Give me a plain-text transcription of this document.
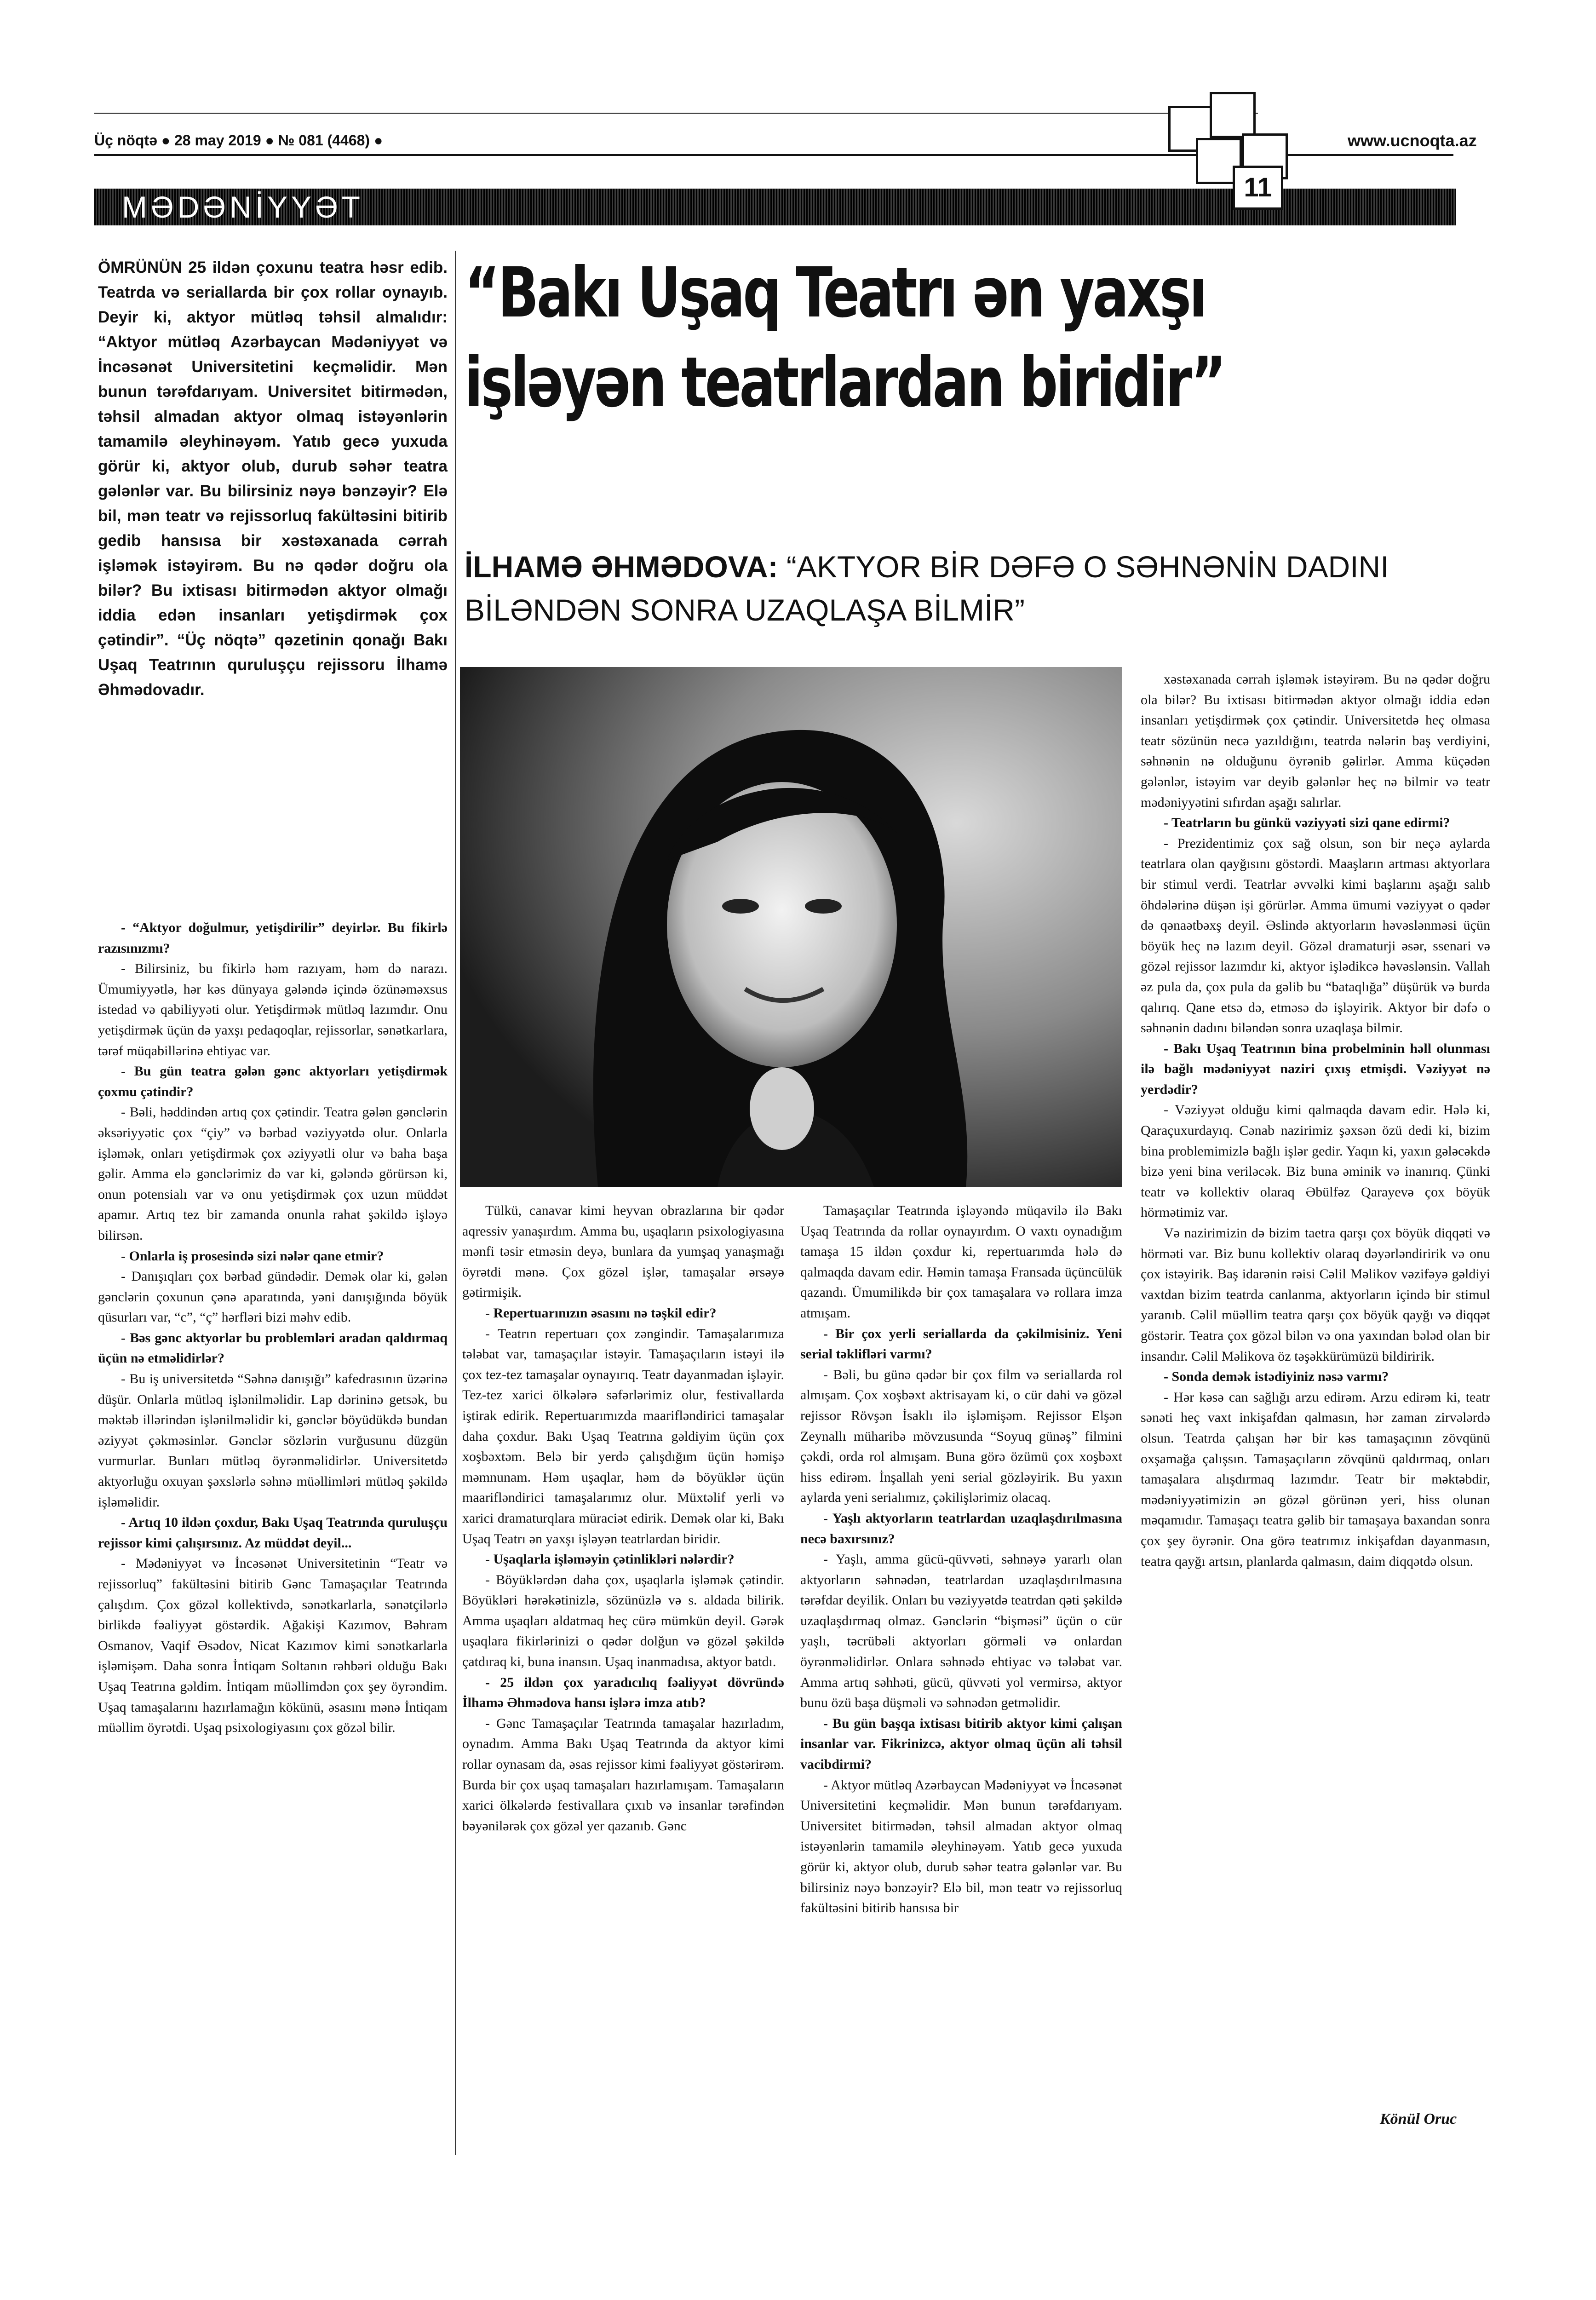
Üç nöqtə ● 28 may 2019 ● № 081 (4468) ●	www.ucnoqta.az
MƏDƏNİYYƏT
11
ÖMRÜNÜN 25 ildən çoxunu teatra həsr edib. Teatrda və seriallarda bir çox rollar oynayıb. Deyir ki, aktyor mütləq təhsil almalıdır: “Aktyor mütləq Azərbaycan Mədəniyyət və İncəsənət Universitetini keçməlidir. Mən bunun tərəfdarıyam. Universitet bitirmədən, təhsil almadan aktyor olmaq istəyənlərin tamamilə əleyhinəyəm. Yatıb gecə yuxuda görür ki, aktyor olub, durub səhər teatra gələnlər var. Bu bilirsiniz nəyə bənzəyir? Elə bil, mən teatr və rejissorluq fakültəsini bitirib gedib hansısa bir xəstəxanada cərrah işləmək istəyirəm. Bu nə qədər doğru ola bilər? Bu ixtisası bitirmədən aktyor olmağı iddia edən insanları yetişdirmək çox çətindir”. “Üç nöqtə” qəzetinin qonağı Bakı Uşaq Teatrının quruluşçu rejissoru İlhamə Əhmədovadır.
“Bakı Uşaq Teatrı ən yaxşı
işləyən teatrlardan biridir”
İLHAMƏ ƏHMƏDOVA: “AKTYOR BİR DƏFƏ O SƏHNƏNİN DADINI BİLƏNDƏN SONRA UZAQLAŞA BİLMİR”

- “Aktyor doğulmur, yetişdirilir” deyirlər. Bu fikirlə razısınızmı?

- Bilirsiniz, bu fikirlə həm razıyam, həm də narazı. Ümumiyyətlə, hər kəs dünyaya gələndə içində özünəməxsus istedad və qabiliyyəti olur. Yetişdirmək mütləq lazımdır. Onu yetişdirmək üçün də yaxşı pedaqoqlar, rejissorlar, sənətkarlara, tərəf müqabillərinə ehtiyac var.

- Bu gün teatra gələn gənc aktyorları yetişdirmək çoxmu çətindir?

- Bəli, həddindən artıq çox çətindir. Teatra gələn gənclərin əksəriyyətic çox “çiy” və bərbad vəziyyətdə olur. Onlarla işləmək, onları yetişdirmək çox əziyyətli olur və baha başa gəlir. Amma elə gənclərimiz də var ki, gələndə görürsən ki, onun potensialı var və onu yetişdirmək çox uzun müddət apamır. Artıq tez bir zamanda onunla rahat şəkildə işləyə bilirsən.

- Onlarla iş prosesində sizi nələr qane etmir?

- Danışıqları çox bərbad gündədir. Demək olar ki, gələn gənclərin çoxunun çənə aparatında, yəni danışığında böyük qüsurları var, “c”, “ç” hərfləri bizi məhv edib.

- Bəs gənc aktyorlar bu problemləri aradan qaldırmaq üçün nə etməlidirlər?

- Bu iş universitetdə “Səhnə danışığı” kafedrasının üzərinə düşür. Onlarla mütləq işlənilməlidir. Lap dərininə getsək, bu məktəb illərindən işlənilməlidir ki, gənclər böyüdükdə bundan əziyyət çəkməsinlər. Gənclər sözlərin vurğusunu düzgün vurmurlar. Bunları mütləq öyrənməlidirlər. Universitetdə aktyorluğu oxuyan şəxslərlə səhnə müəllimləri mütləq şəkildə işləməlidir.

- Artıq 10 ildən çoxdur, Bakı Uşaq Teatrında quruluşçu rejissor kimi çalışırsınız. Az müddət deyil...

- Mədəniyyət və İncəsənət Universitetinin “Teatr və rejissorluq” fakültəsini bitirib Gənc Tamaşaçılar Teatrında çalışdım. Çox gözəl kollektivdə, sənətkarlarla, sənətçilərlə birlikdə fəaliyyət göstərdik. Ağakişi Kazımov, Bəhram Osmanov, Vaqif Əsədov, Nicat Kazımov kimi sənətkarlarla işləmişəm. Daha sonra İntiqam Soltanın rəhbəri olduğu Bakı Uşaq Teatrına gəldim. İntiqam müəllimdən çox şey öyrəndim. Uşaq tamaşalarını hazırlamağın kökünü, əsasını mənə İntiqam müəllim öyrətdi. Uşaq psixologiyasını çox gözəl bilir.

Tülkü, canavar kimi heyvan obrazlarına bir qədər aqressiv yanaşırdım. Amma bu, uşaqların psixologiyasına mənfi təsir etməsin deyə, bunlara da yumşaq yanaşmağı öyrətdi mənə. Çox gözəl işlər, tamaşalar ərsəyə gətirmişik.

- Repertuarınızın əsasını nə təşkil edir?

- Teatrın repertuarı çox zəngindir. Tamaşalarımıza tələbat var, tamaşaçılar istəyir. Tamaşaçıların istəyi ilə çox tez-tez tamaşalar oynayırıq. Teatr dayanmadan işləyir. Tez-tez xarici ölkələrə səfərlərimiz olur, festivallarda iştirak edirik. Repertuarımızda maarifləndirici tamaşalar daha çoxdur. Bakı Uşaq Teatrına gəldiyim üçün çox xoşbəxtəm. Belə bir yerdə çalışdığım üçün həmişə məmnunam. Həm uşaqlar, həm də böyüklər üçün maarifləndirici tamaşalarımız olur. Müxtəlif yerli və xarici dramaturqlara müraciət edirik. Demək olar ki, Bakı Uşaq Teatrı ən yaxşı işləyən teatrlardan biridir.

- Uşaqlarla işləməyin çətinlikləri nələrdir?

- Böyüklərdən daha çox, uşaqlarla işləmək çətindir. Böyükləri hərəkətinizlə, sözünüzlə və s. aldada bilirik. Amma uşaqları aldatmaq heç cürə mümkün deyil. Gərək uşaqlara fikirlərinizi o qədər dolğun və gözəl şəkildə çatdıraq ki, buna inansın. Uşaq inanmadısa, aktyor batdı.

- 25 ildən çox yaradıcılıq fəaliyyət dövründə İlhamə Əhmədova hansı işlərə imza atıb?

- Gənc Tamaşaçılar Teatrında tamaşalar hazırladım, oynadım. Amma Bakı Uşaq Teatrında da aktyor kimi rollar oynasam da, əsas rejissor kimi fəaliyyət göstərirəm. Burda bir çox uşaq tamaşaları hazırlamışam. Tamaşaların xarici ölkələrdə festivallara çıxıb və insanlar tərəfindən bəyənilərək çox gözəl yer qazanıb. Gənc

Tamaşaçılar Teatrında işləyəndə müqavilə ilə Bakı Uşaq Teatrında da rollar oynayırdım. O vaxtı oynadığım tamaşa 15 ildən çoxdur ki, repertuarımda hələ də qalmaqda davam edir. Həmin tamaşa Fransada üçüncülük qazandı. Ümumilikdə bir çox tamaşalara və rollara imza atmışam.

- Bir çox yerli seriallarda da çəkilmisiniz. Yeni serial təklifləri varmı?

- Bəli, bu günə qədər bir çox film və seriallarda rol almışam. Çox xoşbəxt aktrisayam ki, o cür dahi və gözəl rejissor Rövşən İsaklı ilə işləmişəm. Rejissor Elşən Zeynallı müharibə mövzusunda “Soyuq günəş” filmini çəkdi, orda rol almışam. Buna görə özümü çox xoşbəxt hiss edirəm. İnşallah yeni serial gözləyirik. Bu yaxın aylarda yeni serialımız, çəkilişlərimiz olacaq.

- Yaşlı aktyorların teatrlardan uzaqlaşdırılmasına necə baxırsınız?

- Yaşlı, amma gücü-qüvvəti, səhnəyə yararlı olan aktyorların səhnədən, teatrlardan uzaqlaşdırılmasına tərəfdar deyilik. Onları bu vəziyyətdə teatrdan qəti şəkildə uzaqlaşdırmaq olmaz. Gənclərin “bişməsi” üçün o cür yaşlı, təcrübəli aktyorları görməli və onlardan öyrənməlidirlər. Onlara səhnədə ehtiyac və tələbat var. Amma artıq səhhəti, gücü, qüvvəti yol vermirsə, aktyor bunu özü başa düşməli və səhnədən getməlidir.

- Bu gün başqa ixtisası bitirib aktyor kimi çalışan insanlar var. Fikrinizcə, aktyor olmaq üçün ali təhsil vacibdirmi?

- Aktyor mütləq Azərbaycan Mədəniyyət və İncəsənət Universitetini keçməlidir. Mən bunun tərəfdarıyam. Universitet bitirmədən, təhsil almadan aktyor olmaq istəyənlərin tamamilə əleyhinəyəm. Yatıb gecə yuxuda görür ki, aktyor olub, durub səhər teatra gələnlər var. Bu bilirsiniz nəyə bənzəyir? Elə bil, mən teatr və rejissorluq fakültəsini bitirib hansısa bir

xəstəxanada cərrah işləmək istəyirəm. Bu nə qədər doğru ola bilər? Bu ixtisası bitirmədən aktyor olmağı iddia edən insanları yetişdirmək çox çətindir. Universitetdə heç olmasa teatr sözünün necə yazıldığını, teatrda nələrin baş verdiyini, səhnənin nə olduğunu öyrənib gəlirlər. Amma küçədən gələnlər, istəyim var deyib gələnlər heç nə bilmir və teatr mədəniyyətini sıfırdan aşağı salırlar.

- Teatrların bu günkü vəziyyəti sizi qane edirmi?

- Prezidentimiz çox sağ olsun, son bir neçə aylarda teatrlara olan qayğısını göstərdi. Maaşların artması aktyorlara bir stimul verdi. Teatrlar əvvəlki kimi başlarını aşağı salıb öhdələrinə düşən işi görürlər. Amma ümumi vəziyyət o qədər də qənaətbəxş deyil. Əslində aktyorların həvəslənməsi üçün böyük heç nə lazım deyil. Gözəl dramaturji əsər, ssenari və gözəl rejissor lazımdır ki, aktyor işlədikcə həvəslənsin. Vallah əz pula da, çox pula da gəlib bu “bataqlığa” düşürük və burda qalırıq. Qane etsə də, etməsə də işləyirik. Aktyor bir dəfə o səhnənin dadını biləndən sonra uzaqlaşa bilmir.

- Bakı Uşaq Teatrının bina probelminin həll olunması ilə bağlı mədəniyyət naziri çıxış etmişdi. Vəziyyət nə yerdədir?

- Vəziyyət olduğu kimi qalmaqda davam edir. Hələ ki, Qaraçuxurdayıq. Cənab nazirimiz şəxsən özü dedi ki, bizim bina problemimizlə bağlı işlər gedir. Yaqın ki, yaxın gələcəkdə bizə yeni bina veriləcək. Biz buna əminik və inanırıq. Çünki teatr və kollektiv olaraq Əbülfəz Qarayevə çox böyük hörmətimiz var.

Və nazirimizin də bizim taetra qarşı çox böyük diqqəti və hörməti var. Biz bunu kollektiv olaraq dəyərləndiririk və onu çox istəyirik. Baş idarənin rəisi Cəlil Məlikov vəzifəyə gəldiyi vaxtdan bizim teatrda canlanma, aktyorların içində bir stimul yaranıb. Cəlil müəllim teatra qarşı çox böyük qayğı və diqqət göstərir. Teatra çox gözəl bilən və ona yaxından bələd olan bir insandır. Cəlil Məlikova öz təşəkkürümüzü bildiririk.

- Sonda demək istədiyiniz nəsə varmı?

- Hər kəsə can sağlığı arzu edirəm. Arzu edirəm ki, teatr sənəti heç vaxt inkişafdan qalmasın, hər zaman zirvələrdə olsun. Teatrda çalışan hər bir kəs tamaşaçının zövqünü oxşamağa çalışsın. Tamaşaçıların zövqünü qaldırmaq, onları tamaşalara alışdırmaq lazımdır. Teatr bir məktəbdir, mədəniyyətimizin ən gözəl görünən yeri, hiss olunan məqamıdır. Tamaşaçı teatra gəlib bir tamaşaya baxandan sonra çox şey öyrənir. Ona görə teatrımız inkişafdan dayanmasın, teatra qayğı artsın, planlarda qalmasın, daim diqqətdə olsun.

Könül Oruc
